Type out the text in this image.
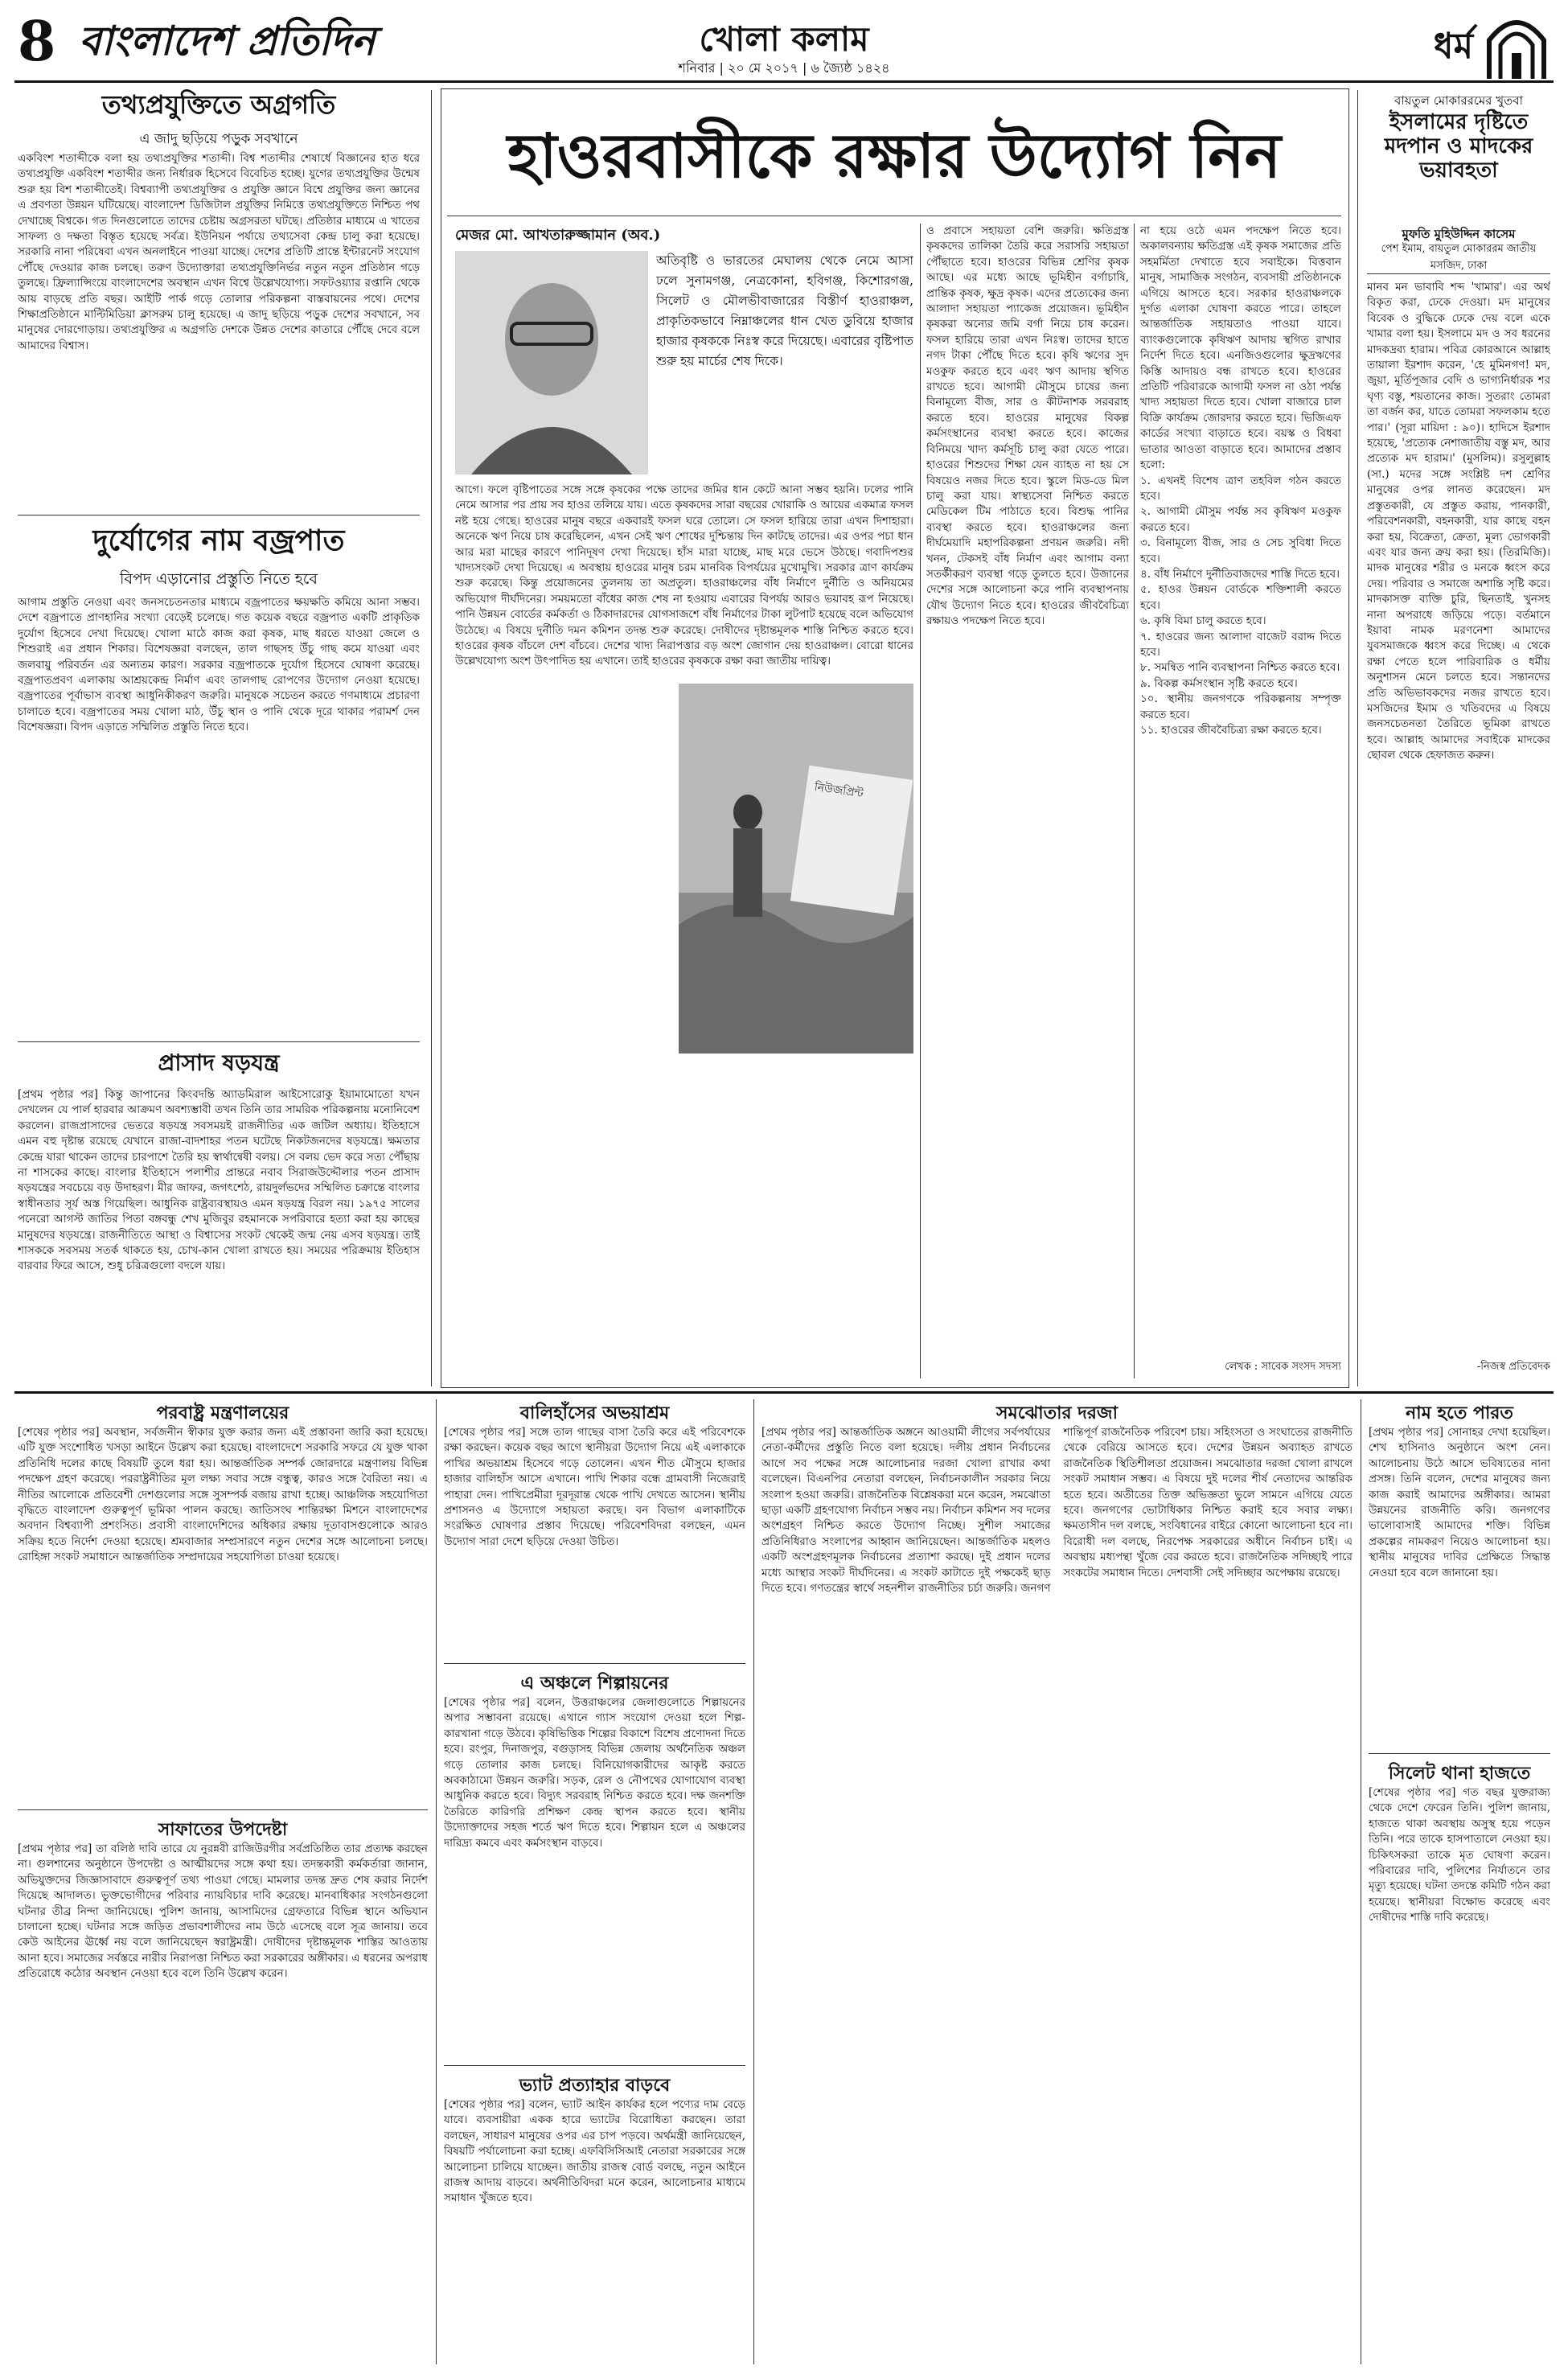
8 বাংলাদেশ প্রতিদিন	খোলা কলাম
শনিবার | ২০ মে ২০১৭ | ৬ জ্যৈষ্ঠ ১৪২৪
ধর্ম
তথ্যপ্রযুক্তিতে অগ্রগতি
এ জাদু ছড়িয়ে পড়ুক সবখানে
একবিংশ শতাব্দীকে বলা হয় তথ্যপ্রযুক্তির শতাব্দী। বিশ্ব শতাব্দীর শেষার্ধে বিজ্ঞানের হাত ধরে তথ্যপ্রযুক্তি একবিংশ শতাব্দীর জন্য নির্ধারক হিসেবে বিবেচিত হচ্ছে। যুগের তথ্যপ্রযুক্তির উন্মেষ শুরু হয় বিশ শতাব্দীতেই। বিশ্বব্যাপী তথ্যপ্রযুক্তির ও প্রযুক্তি জ্ঞানে বিশ্বে প্রযুক্তির জন্য জ্ঞানের এ প্রবণতা উন্নয়ন ঘটিয়েছে। বাংলাদেশ ডিজিটাল প্রযুক্তির নিমিত্তে তথ্যপ্রযুক্তিতে নিশ্চিত পথ দেখাচ্ছে বিশ্বকে। গত দিনগুলোতে তাদের চেষ্টায় অগ্রসরতা ঘটছে। প্রতিষ্ঠার মাধ্যমে এ খাতের সাফল্য ও দক্ষতা বিস্তৃত হয়েছে সর্বত্র। ইউনিয়ন পর্যায়ে তথ্যসেবা কেন্দ্র চালু করা হয়েছে। সরকারি নানা পরিষেবা এখন অনলাইনে পাওয়া যাচ্ছে। দেশের প্রতিটি প্রান্তে ইন্টারনেট সংযোগ পৌঁছে দেওয়ার কাজ চলছে। তরুণ উদ্যোক্তারা তথ্যপ্রযুক্তিনির্ভর নতুন নতুন প্রতিষ্ঠান গড়ে তুলছে। ফ্রিল্যান্সিংয়ে বাংলাদেশের অবস্থান এখন বিশ্বে উল্লেখযোগ্য। সফটওয়্যার রপ্তানি থেকে আয় বাড়ছে প্রতি বছর। আইটি পার্ক গড়ে তোলার পরিকল্পনা বাস্তবায়নের পথে। দেশের শিক্ষাপ্রতিষ্ঠানে মাল্টিমিডিয়া ক্লাসরুম চালু হয়েছে। এ জাদু ছড়িয়ে পড়ুক দেশের সবখানে, সব মানুষের দোরগোড়ায়। তথ্যপ্রযুক্তির এ অগ্রগতি দেশকে উন্নত দেশের কাতারে পৌঁছে দেবে বলে আমাদের বিশ্বাস।
দুর্যোগের নাম বজ্রপাত
বিপদ এড়ানোর প্রস্তুতি নিতে হবে
আগাম প্রস্তুতি নেওয়া এবং জনসচেতনতার মাধ্যমে বজ্রপাতের ক্ষয়ক্ষতি কমিয়ে আনা সম্ভব। দেশে বজ্রপাতে প্রাণহানির সংখ্যা বেড়েই চলেছে। গত কয়েক বছরে বজ্রপাত একটি প্রাকৃতিক দুর্যোগ হিসেবে দেখা দিয়েছে। খোলা মাঠে কাজ করা কৃষক, মাছ ধরতে যাওয়া জেলে ও শিশুরাই এর প্রধান শিকার। বিশেষজ্ঞরা বলছেন, তাল গাছসহ উঁচু গাছ কমে যাওয়া এবং জলবায়ু পরিবর্তন এর অন্যতম কারণ। সরকার বজ্রপাতকে দুর্যোগ হিসেবে ঘোষণা করেছে। বজ্রপাতপ্রবণ এলাকায় আশ্রয়কেন্দ্র নির্মাণ এবং তালগাছ রোপণের উদ্যোগ নেওয়া হয়েছে। বজ্রপাতের পূর্বাভাস ব্যবস্থা আধুনিকীকরণ জরুরি। মানুষকে সচেতন করতে গণমাধ্যমে প্রচারণা চালাতে হবে। বজ্রপাতের সময় খোলা মাঠ, উঁচু স্থান ও পানি থেকে দূরে থাকার পরামর্শ দেন বিশেষজ্ঞরা। বিপদ এড়াতে সম্মিলিত প্রস্তুতি নিতে হবে।
প্রাসাদ ষড়যন্ত্র
[প্রথম পৃষ্ঠার পর] কিন্তু জাপানের কিংবদন্তি অ্যাডমিরাল আইসোরোকু ইয়ামামোতো যখন দেখলেন যে পার্ল হারবার আক্রমণ অবশ্যম্ভাবী তখন তিনি তার সামরিক পরিকল্পনায় মনোনিবেশ করলেন। রাজপ্রাসাদের ভেতরে ষড়যন্ত্র সবসময়ই রাজনীতির এক জটিল অধ্যায়। ইতিহাসে এমন বহু দৃষ্টান্ত রয়েছে যেখানে রাজা-বাদশাহর পতন ঘটেছে নিকটজনদের ষড়যন্ত্রে। ক্ষমতার কেন্দ্রে যারা থাকেন তাদের চারপাশে তৈরি হয় স্বার্থান্বেষী বলয়। সে বলয় ভেদ করে সত্য পৌঁছায় না শাসকের কাছে। বাংলার ইতিহাসে পলাশীর প্রান্তরে নবাব সিরাজউদ্দৌলার পতন প্রাসাদ ষড়যন্ত্রের সবচেয়ে বড় উদাহরণ। মীর জাফর, জগৎশেঠ, রায়দুর্লভদের সম্মিলিত চক্রান্তে বাংলার স্বাধীনতার সূর্য অস্ত গিয়েছিল। আধুনিক রাষ্ট্রব্যবস্থায়ও এমন ষড়যন্ত্র বিরল নয়। ১৯৭৫ সালের পনেরো আগস্ট জাতির পিতা বঙ্গবন্ধু শেখ মুজিবুর রহমানকে সপরিবারে হত্যা করা হয় কাছের মানুষদের ষড়যন্ত্রে। রাজনীতিতে আস্থা ও বিশ্বাসের সংকট থেকেই জন্ম নেয় এসব ষড়যন্ত্র। তাই শাসককে সবসময় সতর্ক থাকতে হয়, চোখ-কান খোলা রাখতে হয়। সময়ের পরিক্রমায় ইতিহাস বারবার ফিরে আসে, শুধু চরিত্রগুলো বদলে যায়।
হাওরবাসীকে রক্ষার উদ্যোগ নিন
মেজর মো. আখতারুজ্জামান (অব.)
অতিবৃষ্টি ও ভারতের মেঘালয় থেকে নেমে আসা ঢলে সুনামগঞ্জ, নেত্রকোনা, হবিগঞ্জ, কিশোরগঞ্জ, সিলেট ও মৌলভীবাজারের বিস্তীর্ণ হাওরাঞ্চল, প্রাকৃতিকভাবে নিম্নাঞ্চলের ধান খেত ডুবিয়ে হাজার হাজার কৃষককে নিঃস্ব করে দিয়েছে। এবারের বৃষ্টিপাত শুরু হয় মার্চের শেষ দিকে।
আগে। ফলে বৃষ্টিপাতের সঙ্গে সঙ্গে কৃষকের পক্ষে তাদের জমির ধান কেটে আনা সম্ভব হয়নি। ঢলের পানি নেমে আসার পর প্রায় সব হাওর তলিয়ে যায়। এতে কৃষকদের সারা বছরের খোরাকি ও আয়ের একমাত্র ফসল নষ্ট হয়ে গেছে। হাওরের মানুষ বছরে একবারই ফসল ঘরে তোলে। সে ফসল হারিয়ে তারা এখন দিশাহারা। অনেকে ঋণ নিয়ে চাষ করেছিলেন, এখন সেই ঋণ শোধের দুশ্চিন্তায় দিন কাটছে তাদের। এর ওপর পচা ধান আর মরা মাছের কারণে পানিদূষণ দেখা দিয়েছে। হাঁস মারা যাচ্ছে, মাছ মরে ভেসে উঠছে। গবাদিপশুর খাদ্যসংকট দেখা দিয়েছে। এ অবস্থায় হাওরের মানুষ চরম মানবিক বিপর্যয়ের মুখোমুখি। সরকার ত্রাণ কার্যক্রম শুরু করেছে। কিন্তু প্রয়োজনের তুলনায় তা অপ্রতুল। হাওরাঞ্চলের বাঁধ নির্মাণে দুর্নীতি ও অনিয়মের অভিযোগ দীর্ঘদিনের। সময়মতো বাঁধের কাজ শেষ না হওয়ায় এবারের বিপর্যয় আরও ভয়াবহ রূপ নিয়েছে। পানি উন্নয়ন বোর্ডের কর্মকর্তা ও ঠিকাদারদের যোগসাজশে বাঁধ নির্মাণের টাকা লুটপাট হয়েছে বলে অভিযোগ উঠেছে। এ বিষয়ে দুর্নীতি দমন কমিশন তদন্ত শুরু করেছে। দোষীদের দৃষ্টান্তমূলক শাস্তি নিশ্চিত করতে হবে। হাওরের কৃষক বাঁচলে দেশ বাঁচবে। দেশের খাদ্য নিরাপত্তার বড় অংশ জোগান দেয় হাওরাঞ্চল। বোরো ধানের উল্লেখযোগ্য অংশ উৎপাদিত হয় এখানে। তাই হাওরের কৃষককে রক্ষা করা জাতীয় দায়িত্ব।
ও প্রবাসে সহায়তা বেশি জরুরি। ক্ষতিগ্রস্ত কৃষকদের তালিকা তৈরি করে সরাসরি সহায়তা পৌঁছাতে হবে। হাওরের বিভিন্ন শ্রেণির কৃষক আছে। এর মধ্যে আছে ভূমিহীন বর্গাচাষি, প্রান্তিক কৃষক, ক্ষুদ্র কৃষক। এদের প্রত্যেকের জন্য আলাদা সহায়তা প্যাকেজ প্রয়োজন। ভূমিহীন কৃষকরা অন্যের জমি বর্গা নিয়ে চাষ করেন। ফসল হারিয়ে তারা এখন নিঃস্ব। তাদের হাতে নগদ টাকা পৌঁছে দিতে হবে। কৃষি ঋণের সুদ মওকুফ করতে হবে এবং ঋণ আদায় স্থগিত রাখতে হবে। আগামী মৌসুমে চাষের জন্য বিনামূল্যে বীজ, সার ও কীটনাশক সরবরাহ করতে হবে। হাওরের মানুষের বিকল্প কর্মসংস্থানের ব্যবস্থা করতে হবে। কাজের বিনিময়ে খাদ্য কর্মসূচি চালু করা যেতে পারে। হাওরের শিশুদের শিক্ষা যেন ব্যাহত না হয় সে বিষয়েও নজর দিতে হবে। স্কুলে মিড-ডে মিল চালু করা যায়। স্বাস্থ্যসেবা নিশ্চিত করতে মেডিকেল টিম পাঠাতে হবে। বিশুদ্ধ পানির ব্যবস্থা করতে হবে। হাওরাঞ্চলের জন্য দীর্ঘমেয়াদি মহাপরিকল্পনা প্রণয়ন জরুরি। নদী খনন, টেকসই বাঁধ নির্মাণ এবং আগাম বন্যা সতর্কীকরণ ব্যবস্থা গড়ে তুলতে হবে। উজানের দেশের সঙ্গে আলোচনা করে পানি ব্যবস্থাপনায় যৌথ উদ্যোগ নিতে হবে। হাওরের জীববৈচিত্র্য রক্ষায়ও পদক্ষেপ নিতে হবে।
না হয়ে ওঠে এমন পদক্ষেপ নিতে হবে। অকালবন্যায় ক্ষতিগ্রস্ত এই কৃষক সমাজের প্রতি সহমর্মিতা দেখাতে হবে সবাইকে। বিত্তবান মানুষ, সামাজিক সংগঠন, ব্যবসায়ী প্রতিষ্ঠানকে এগিয়ে আসতে হবে। সরকার হাওরাঞ্চলকে দুর্গত এলাকা ঘোষণা করতে পারে। তাহলে আন্তর্জাতিক সহায়তাও পাওয়া যাবে। ব্যাংকগুলোকে কৃষিঋণ আদায় স্থগিত রাখার নির্দেশ দিতে হবে। এনজিওগুলোর ক্ষুদ্রঋণের কিস্তি আদায়ও বন্ধ রাখতে হবে। হাওরের প্রতিটি পরিবারকে আগামী ফসল না ওঠা পর্যন্ত খাদ্য সহায়তা দিতে হবে। খোলা বাজারে চাল বিক্রি কার্যক্রম জোরদার করতে হবে। ভিজিএফ কার্ডের সংখ্যা বাড়াতে হবে। বয়স্ক ও বিধবা ভাতার আওতা বাড়াতে হবে। আমাদের প্রস্তাব হলো:
১. এখনই বিশেষ ত্রাণ তহবিল গঠন করতে হবে।
২. আগামী মৌসুম পর্যন্ত সব কৃষিঋণ মওকুফ করতে হবে।
৩. বিনামূল্যে বীজ, সার ও সেচ সুবিধা দিতে হবে।
৪. বাঁধ নির্মাণে দুর্নীতিবাজদের শাস্তি দিতে হবে।
৫. হাওর উন্নয়ন বোর্ডকে শক্তিশালী করতে হবে।
৬. কৃষি বিমা চালু করতে হবে।
৭. হাওরের জন্য আলাদা বাজেট বরাদ্দ দিতে হবে।
৮. সমন্বিত পানি ব্যবস্থাপনা নিশ্চিত করতে হবে।
৯. বিকল্প কর্মসংস্থান সৃষ্টি করতে হবে।
১০. স্থানীয় জনগণকে পরিকল্পনায় সম্পৃক্ত করতে হবে।
১১. হাওরের জীববৈচিত্র্য রক্ষা করতে হবে।
লেখক : সাবেক সংসদ সদস্য
নিউজপ্রিন্ট
বায়তুল মোকাররমের খুতবা
ইসলামের দৃষ্টিতে মদপান ও মাদকের ভয়াবহতা
মুফতি মুহিউদ্দিন কাসেম
পেশ ইমাম, বায়তুল মোকাররম জাতীয় মসজিদ, ঢাকা
মানব মন ভাবাবি শব্দ 'খামার'। এর অর্থ বিকৃত করা, ঢেকে দেওয়া। মদ মানুষের বিবেক ও বুদ্ধিকে ঢেকে দেয় বলে একে খামার বলা হয়। ইসলামে মদ ও সব ধরনের মাদকদ্রব্য হারাম। পবিত্র কোরআনে আল্লাহ তায়ালা ইরশাদ করেন, 'হে মুমিনগণ! মদ, জুয়া, মূর্তিপূজার বেদি ও ভাগ্যনির্ধারক শর ঘৃণ্য বস্তু, শয়তানের কাজ। সুতরাং তোমরা তা বর্জন কর, যাতে তোমরা সফলকাম হতে পার।' (সূরা মায়িদা : ৯০)। হাদিসে ইরশাদ হয়েছে, 'প্রত্যেক নেশাজাতীয় বস্তু মদ, আর প্রত্যেক মদ হারাম।' (মুসলিম)। রসুলুল্লাহ (সা.) মদের সঙ্গে সংশ্লিষ্ট দশ শ্রেণির মানুষের ওপর লানত করেছেন। মদ প্রস্তুতকারী, যে প্রস্তুত করায়, পানকারী, পরিবেশনকারী, বহনকারী, যার কাছে বহন করা হয়, বিক্রেতা, ক্রেতা, মূল্য ভোগকারী এবং যার জন্য ক্রয় করা হয়। (তিরমিজি)। মাদক মানুষের শরীর ও মনকে ধ্বংস করে দেয়। পরিবার ও সমাজে অশান্তি সৃষ্টি করে। মাদকাসক্ত ব্যক্তি চুরি, ছিনতাই, খুনসহ নানা অপরাধে জড়িয়ে পড়ে। বর্তমানে ইয়াবা নামক মরণনেশা আমাদের যুবসমাজকে ধ্বংস করে দিচ্ছে। এ থেকে রক্ষা পেতে হলে পারিবারিক ও ধর্মীয় অনুশাসন মেনে চলতে হবে। সন্তানদের প্রতি অভিভাবকদের নজর রাখতে হবে। মসজিদের ইমাম ও খতিবদের এ বিষয়ে জনসচেতনতা তৈরিতে ভূমিকা রাখতে হবে। আল্লাহ আমাদের সবাইকে মাদকের ছোবল থেকে হেফাজত করুন।
-নিজস্ব প্রতিবেদক
পরবাষ্ট্র মন্ত্রণালয়ের
[শেষের পৃষ্ঠার পর] অবস্থান, সর্বজনীন স্বীকার যুক্ত করার জন্য এই প্রস্তাবনা জারি করা হয়েছে। এটি যুক্ত সংশোধিত খসড়া আইনে উল্লেখ করা হয়েছে। বাংলাদেশে সরকারি সফরে যে যুক্ত থাকা প্রতিনিধি দলের কাছে বিষয়টি তুলে ধরা হয়। আন্তর্জাতিক সম্পর্ক জোরদারে মন্ত্রণালয় বিভিন্ন পদক্ষেপ গ্রহণ করেছে। পররাষ্ট্রনীতির মূল লক্ষ্য সবার সঙ্গে বন্ধুত্ব, কারও সঙ্গে বৈরিতা নয়। এ নীতির আলোকে প্রতিবেশী দেশগুলোর সঙ্গে সুসম্পর্ক বজায় রাখা হচ্ছে। আঞ্চলিক সহযোগিতা বৃদ্ধিতে বাংলাদেশ গুরুত্বপূর্ণ ভূমিকা পালন করছে। জাতিসংঘ শান্তিরক্ষা মিশনে বাংলাদেশের অবদান বিশ্বব্যাপী প্রশংসিত। প্রবাসী বাংলাদেশিদের অধিকার রক্ষায় দূতাবাসগুলোকে আরও সক্রিয় হতে নির্দেশ দেওয়া হয়েছে। শ্রমবাজার সম্প্রসারণে নতুন দেশের সঙ্গে আলোচনা চলছে। রোহিঙ্গা সংকট সমাধানে আন্তর্জাতিক সম্প্রদায়ের সহযোগিতা চাওয়া হয়েছে।
সাফাতের উপদেষ্টা
[প্রথম পৃষ্ঠার পর] তা বলিষ্ঠ দাবি তারে যে নুরন্নবী রাজিউরগীর সর্বপ্রতিষ্ঠিত তার প্রত্যক্ষ করছেন না। গুলশানের অনুষ্ঠানে উপদেষ্টা ও আত্মীয়দের সঙ্গে কথা হয়। তদন্তকারী কর্মকর্তারা জানান, অভিযুক্তদের জিজ্ঞাসাবাদে গুরুত্বপূর্ণ তথ্য পাওয়া গেছে। মামলার তদন্ত দ্রুত শেষ করার নির্দেশ দিয়েছে আদালত। ভুক্তভোগীদের পরিবার ন্যায়বিচার দাবি করেছে। মানবাধিকার সংগঠনগুলো ঘটনার তীব্র নিন্দা জানিয়েছে। পুলিশ জানায়, আসামিদের গ্রেফতারে বিভিন্ন স্থানে অভিযান চালানো হচ্ছে। ঘটনার সঙ্গে জড়িত প্রভাবশালীদের নাম উঠে এসেছে বলে সূত্র জানায়। তবে কেউ আইনের ঊর্ধ্বে নয় বলে জানিয়েছেন স্বরাষ্ট্রমন্ত্রী। দোষীদের দৃষ্টান্তমূলক শাস্তির আওতায় আনা হবে। সমাজের সর্বস্তরে নারীর নিরাপত্তা নিশ্চিত করা সরকারের অঙ্গীকার। এ ধরনের অপরাধ প্রতিরোধে কঠোর অবস্থান নেওয়া হবে বলে তিনি উল্লেখ করেন।
বালিহাঁসের অভয়াশ্রম
[শেষের পৃষ্ঠার পর] সঙ্গে তাল গাছের বাসা তৈরি করে এই পরিবেশকে রক্ষা করছেন। কয়েক বছর আগে স্থানীয়রা উদ্যোগ নিয়ে এই এলাকাকে পাখির অভয়াশ্রম হিসেবে গড়ে তোলেন। এখন শীত মৌসুমে হাজার হাজার বালিহাঁস আসে এখানে। পাখি শিকার বন্ধে গ্রামবাসী নিজেরাই পাহারা দেন। পাখিপ্রেমীরা দূরদূরান্ত থেকে পাখি দেখতে আসেন। স্থানীয় প্রশাসনও এ উদ্যোগে সহায়তা করছে। বন বিভাগ এলাকাটিকে সংরক্ষিত ঘোষণার প্রস্তাব দিয়েছে। পরিবেশবিদরা বলছেন, এমন উদ্যোগ সারা দেশে ছড়িয়ে দেওয়া উচিত।
এ অঞ্চলে শিল্পায়নের
[শেষের পৃষ্ঠার পর] বলেন, উত্তরাঞ্চলের জেলাগুলোতে শিল্পায়নের অপার সম্ভাবনা রয়েছে। এখানে গ্যাস সংযোগ দেওয়া হলে শিল্প-কারখানা গড়ে উঠবে। কৃষিভিত্তিক শিল্পের বিকাশে বিশেষ প্রণোদনা দিতে হবে। রংপুর, দিনাজপুর, বগুড়াসহ বিভিন্ন জেলায় অর্থনৈতিক অঞ্চল গড়ে তোলার কাজ চলছে। বিনিয়োগকারীদের আকৃষ্ট করতে অবকাঠামো উন্নয়ন জরুরি। সড়ক, রেল ও নৌপথের যোগাযোগ ব্যবস্থা আধুনিক করতে হবে। বিদ্যুৎ সরবরাহ নিশ্চিত করতে হবে। দক্ষ জনশক্তি তৈরিতে কারিগরি প্রশিক্ষণ কেন্দ্র স্থাপন করতে হবে। স্থানীয় উদ্যোক্তাদের সহজ শর্তে ঋণ দিতে হবে। শিল্পায়ন হলে এ অঞ্চলের দারিদ্র্য কমবে এবং কর্মসংস্থান বাড়বে।
ভ্যাট প্রত্যাহার বাড়বে
[শেষের পৃষ্ঠার পর] বলেন, ভ্যাট আইন কার্যকর হলে পণ্যের দাম বেড়ে যাবে। ব্যবসায়ীরা একক হারে ভ্যাটের বিরোধিতা করছেন। তারা বলছেন, সাধারণ মানুষের ওপর এর চাপ পড়বে। অর্থমন্ত্রী জানিয়েছেন, বিষয়টি পর্যালোচনা করা হচ্ছে। এফবিসিসিআই নেতারা সরকারের সঙ্গে আলোচনা চালিয়ে যাচ্ছেন। জাতীয় রাজস্ব বোর্ড বলছে, নতুন আইনে রাজস্ব আদায় বাড়বে। অর্থনীতিবিদরা মনে করেন, আলোচনার মাধ্যমে সমাধান খুঁজতে হবে।
সমঝোতার দরজা
[প্রথম পৃষ্ঠার পর] আন্তর্জাতিক অঙ্গনে আওয়ামী লীগের সর্বপর্যায়ের নেতা-কর্মীদের প্রস্তুতি নিতে বলা হয়েছে। দলীয় প্রধান নির্বাচনের আগে সব পক্ষের সঙ্গে আলোচনার দরজা খোলা রাখার কথা বলেছেন। বিএনপির নেতারা বলছেন, নির্বাচনকালীন সরকার নিয়ে সংলাপ হওয়া জরুরি। রাজনৈতিক বিশ্লেষকরা মনে করেন, সমঝোতা ছাড়া একটি গ্রহণযোগ্য নির্বাচন সম্ভব নয়। নির্বাচন কমিশন সব দলের অংশগ্রহণ নিশ্চিত করতে উদ্যোগ নিচ্ছে। সুশীল সমাজের প্রতিনিধিরাও সংলাপের আহ্বান জানিয়েছেন। আন্তর্জাতিক মহলও একটি অংশগ্রহণমূলক নির্বাচনের প্রত্যাশা করছে। দুই প্রধান দলের মধ্যে আস্থার সংকট দীর্ঘদিনের। এ সংকট কাটাতে দুই পক্ষকেই ছাড় দিতে হবে। গণতন্ত্রের স্বার্থে সহনশীল রাজনীতির চর্চা জরুরি। জনগণ শান্তিপূর্ণ রাজনৈতিক পরিবেশ চায়। সহিংসতা ও সংঘাতের রাজনীতি থেকে বেরিয়ে আসতে হবে। দেশের উন্নয়ন অব্যাহত রাখতে রাজনৈতিক স্থিতিশীলতা প্রয়োজন। সমঝোতার দরজা খোলা রাখলে সংকট সমাধান সম্ভব। এ বিষয়ে দুই দলের শীর্ষ নেতাদের আন্তরিক হতে হবে। অতীতের তিক্ত অভিজ্ঞতা ভুলে সামনে এগিয়ে যেতে হবে। জনগণের ভোটাধিকার নিশ্চিত করাই হবে সবার লক্ষ্য। ক্ষমতাসীন দল বলছে, সংবিধানের বাইরে কোনো আলোচনা হবে না। বিরোধী দল বলছে, নিরপেক্ষ সরকারের অধীনে নির্বাচন চাই। এ অবস্থায় মধ্যপন্থা খুঁজে বের করতে হবে। রাজনৈতিক সদিচ্ছাই পারে সংকটের সমাধান দিতে। দেশবাসী সেই সদিচ্ছার অপেক্ষায় রয়েছে।
নাম হতে পারত
[প্রথম পৃষ্ঠার পর] সোনাহর দেখা হয়েছিল। শেখ হাসিনাও অনুষ্ঠানে অংশ নেন। আলোচনায় উঠে আসে ভবিষ্যতের নানা প্রসঙ্গ। তিনি বলেন, দেশের মানুষের জন্য কাজ করাই আমাদের অঙ্গীকার। আমরা উন্নয়নের রাজনীতি করি। জনগণের ভালোবাসাই আমাদের শক্তি। বিভিন্ন প্রকল্পের নামকরণ নিয়েও আলোচনা হয়। স্থানীয় মানুষের দাবির প্রেক্ষিতে সিদ্ধান্ত নেওয়া হবে বলে জানানো হয়।
সিলেট থানা হাজতে
[শেষের পৃষ্ঠার পর] গত বছর যুক্তরাজ্য থেকে দেশে ফেরেন তিনি। পুলিশ জানায়, হাজতে থাকা অবস্থায় অসুস্থ হয়ে পড়েন তিনি। পরে তাকে হাসপাতালে নেওয়া হয়। চিকিৎসকরা তাকে মৃত ঘোষণা করেন। পরিবারের দাবি, পুলিশের নির্যাতনে তার মৃত্যু হয়েছে। ঘটনা তদন্তে কমিটি গঠন করা হয়েছে। স্থানীয়রা বিক্ষোভ করেছে এবং দোষীদের শাস্তি দাবি করেছে।
